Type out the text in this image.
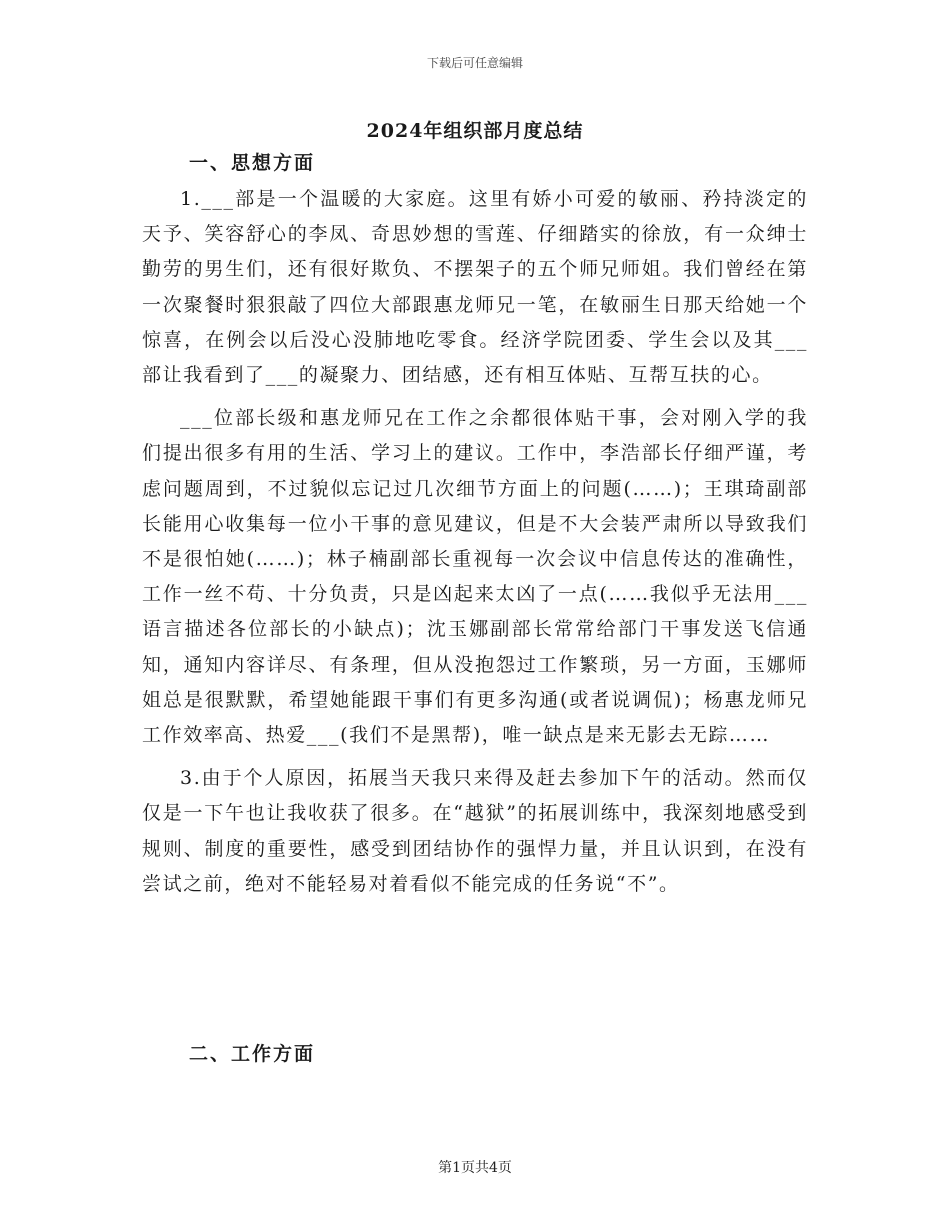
下载后可任意编辑
2024年组织部月度总结
一、思想方面

1.___部是一个温暖的大家庭。这里有娇小可爱的敏丽、矜持淡定的天予、笑容舒心的李凤、奇思妙想的雪莲、仔细踏实的徐放，有一众绅士勤劳的男生们，还有很好欺负、不摆架子的五个师兄师姐。我们曾经在第一次聚餐时狠狠敲了四位大部跟惠龙师兄一笔，在敏丽生日那天给她一个惊喜，在例会以后没心没肺地吃零食。经济学院团委、学生会以及其___部让我看到了___的凝聚力、团结感，还有相互体贴、互帮互扶的心。

___位部长级和惠龙师兄在工作之余都很体贴干事，会对刚入学的我们提出很多有用的生活、学习上的建议。工作中，李浩部长仔细严谨，考虑问题周到，不过貌似忘记过几次细节方面上的问题(……)；王琪琦副部长能用心收集每一位小干事的意见建议，但是不大会装严肃所以导致我们不是很怕她(……)；林子楠副部长重视每一次会议中信息传达的准确性，工作一丝不苟、十分负责，只是凶起来太凶了一点(……我似乎无法用___语言描述各位部长的小缺点)；沈玉娜副部长常常给部门干事发送飞信通知，通知内容详尽、有条理，但从没抱怨过工作繁琐，另一方面，玉娜师姐总是很默默，希望她能跟干事们有更多沟通(或者说调侃)；杨惠龙师兄工作效率高、热爱___(我们不是黑帮)，唯一缺点是来无影去无踪……

3.由于个人原因，拓展当天我只来得及赶去参加下午的活动。然而仅仅是一下午也让我收获了很多。在“越狱”的拓展训练中，我深刻地感受到规则、制度的重要性，感受到团结协作的强悍力量，并且认识到，在没有尝试之前，绝对不能轻易对着看似不能完成的任务说“不”。

二、工作方面
第1页共4页
